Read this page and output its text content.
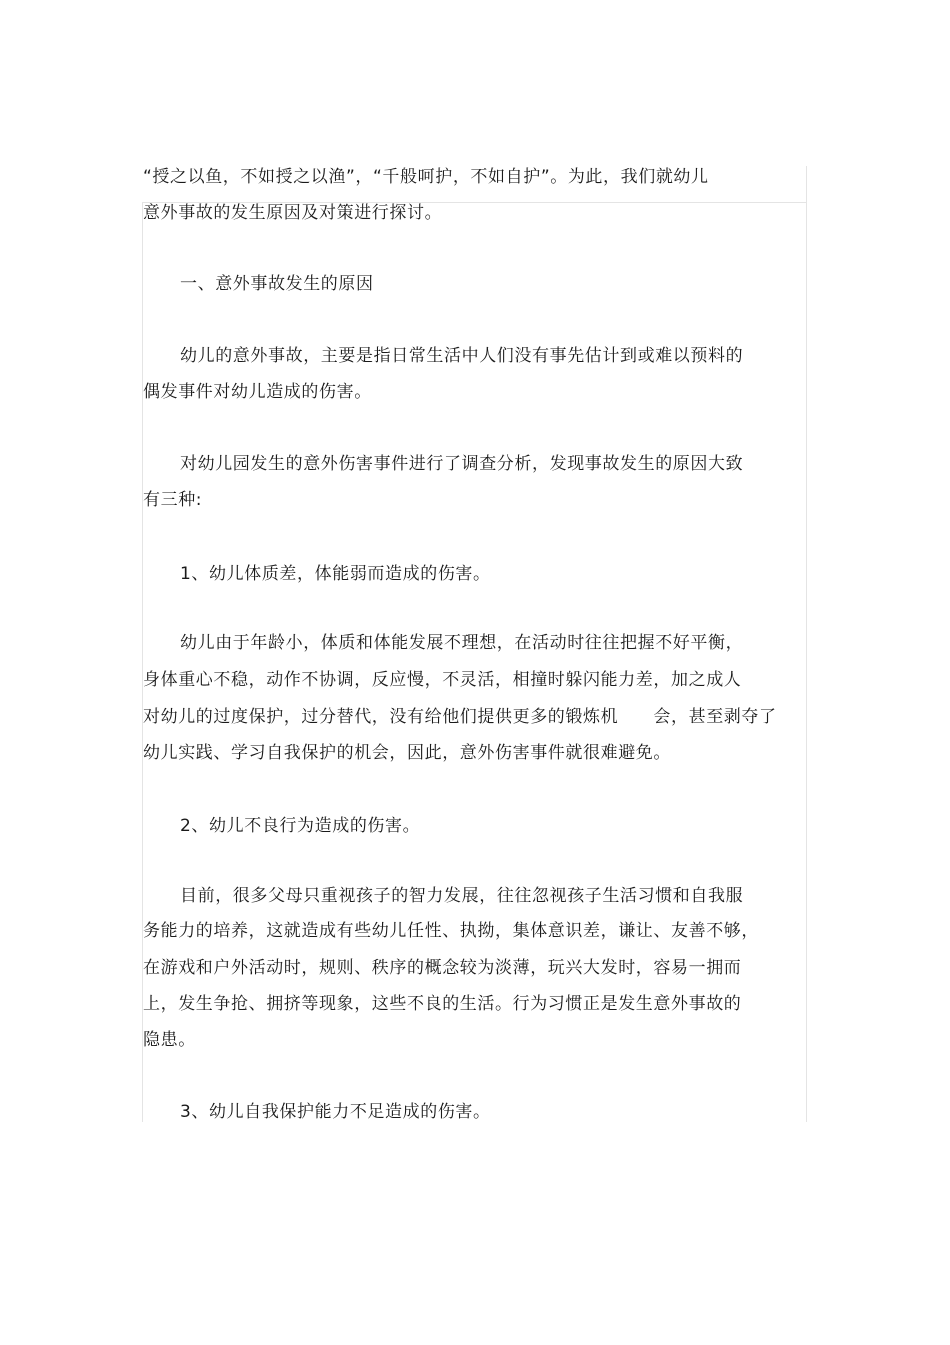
“授之以鱼，不如授之以渔”，“千般呵护，不如自护”。为此，我们就幼儿
意外事故的发生原因及对策进行探讨。
一、意外事故发生的原因
幼儿的意外事故，主要是指日常生活中人们没有事先估计到或难以预料的
偶发事件对幼儿造成的伤害。
对幼儿园发生的意外伤害事件进行了调查分析，发现事故发生的原因大致
有三种:
1、幼儿体质差，体能弱而造成的伤害。
幼儿由于年龄小，体质和体能发展不理想，在活动时往往把握不好平衡，
身体重心不稳，动作不协调，反应慢，不灵活，相撞时躲闪能力差，加之成人
对幼儿的过度保护，过分替代，没有给他们提供更多的锻炼机　　会，甚至剥夺了
幼儿实践、学习自我保护的机会，因此，意外伤害事件就很难避免。
2、幼儿不良行为造成的伤害。
目前，很多父母只重视孩子的智力发展，往往忽视孩子生活习惯和自我服
务能力的培养，这就造成有些幼儿任性、执拗，集体意识差，谦让、友善不够，
在游戏和户外活动时，规则、秩序的概念较为淡薄，玩兴大发时，容易一拥而
上，发生争抢、拥挤等现象，这些不良的生活。行为习惯正是发生意外事故的
隐患。
3、幼儿自我保护能力不足造成的伤害。
